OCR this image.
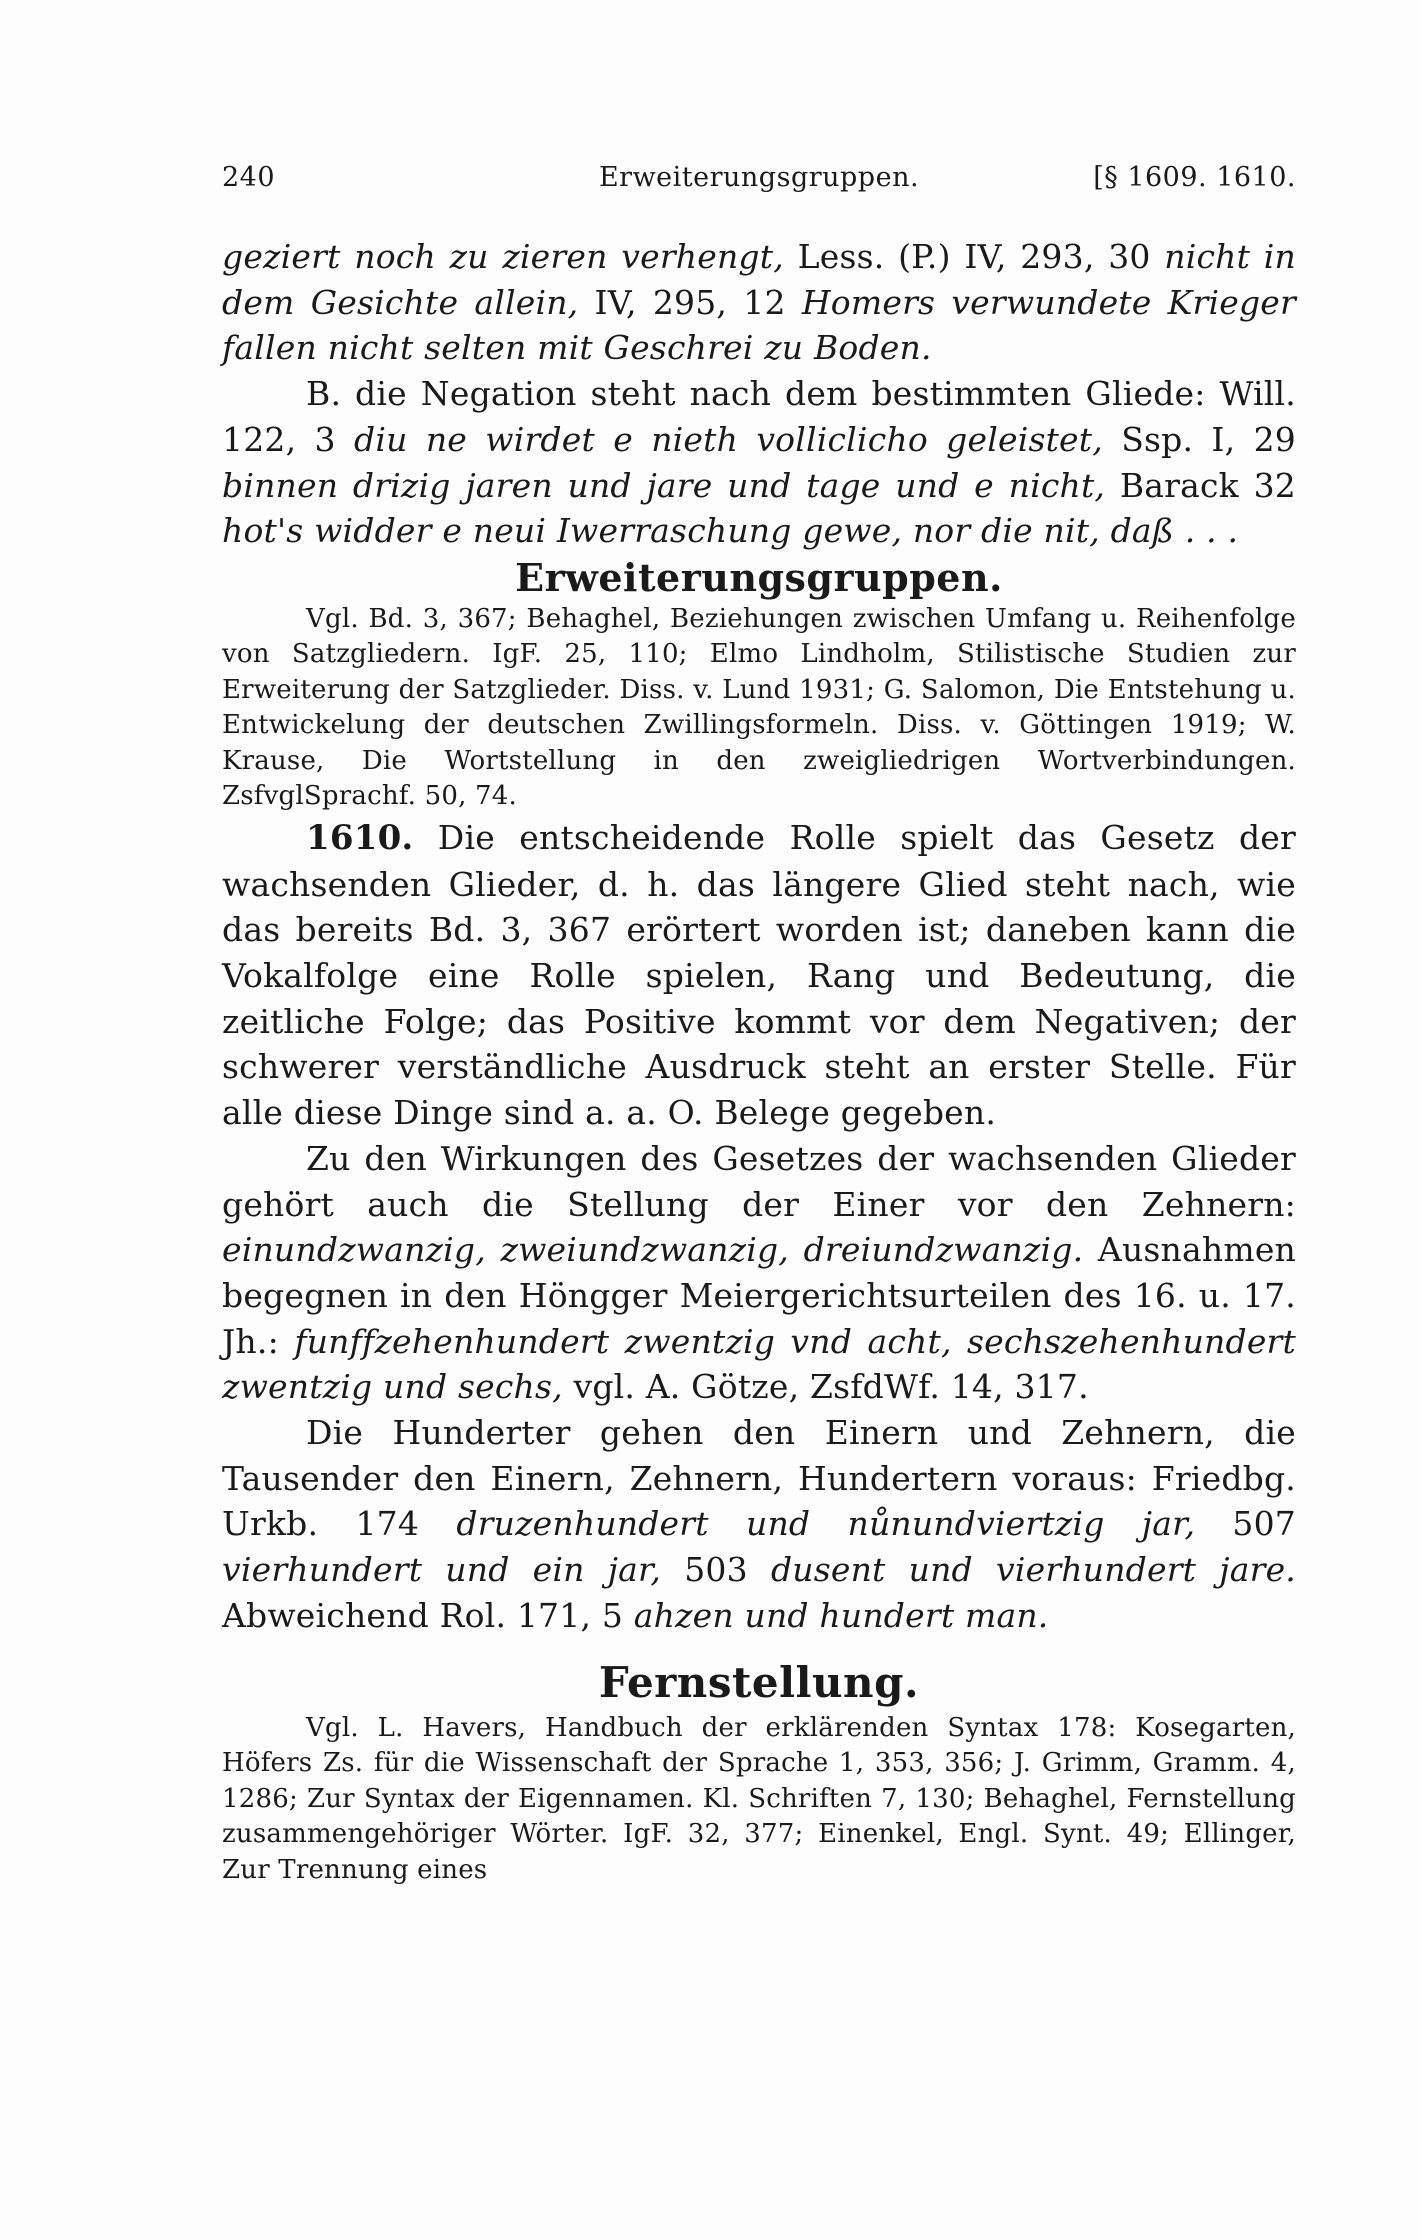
240	Erweiterungsgruppen.	[§ 1609. 1610.

geziert noch zu zieren verhengt, Less. (P.) IV, 293, 30 nicht in dem Gesichte allein, IV, 295, 12 Homers verwundete Krieger fallen nicht selten mit Geschrei zu Boden.

B. die Negation steht nach dem bestimmten Gliede: Will. 122, 3 diu ne wirdet e nieth volliclicho geleistet, Ssp. I, 29 binnen drizig jaren und jare und tage und e nicht, Barack 32 hot's widder e neui Iwerraschung gewe, nor die nit, daß . . .

Erweiterungsgruppen.

Vgl. Bd. 3, 367; Behaghel, Beziehungen zwischen Umfang u. Reihenfolge von Satzgliedern. IgF. 25, 110; Elmo Lindholm, Stilistische Studien zur Erweiterung der Satzglieder. Diss. v. Lund 1931; G. Salomon, Die Entstehung u. Entwickelung der deutschen Zwillingsformeln. Diss. v. Göttingen 1919; W. Krause, Die Wortstellung in den zweigliedrigen Wortverbindungen. ZsfvglSprachf. 50, 74.

1610. Die entscheidende Rolle spielt das Gesetz der wachsenden Glieder, d. h. das längere Glied steht nach, wie das bereits Bd. 3, 367 erörtert worden ist; daneben kann die Vokalfolge eine Rolle spielen, Rang und Bedeutung, die zeitliche Folge; das Positive kommt vor dem Negativen; der schwerer verständliche Ausdruck steht an erster Stelle. Für alle diese Dinge sind a. a. O. Belege gegeben.

Zu den Wirkungen des Gesetzes der wachsenden Glieder gehört auch die Stellung der Einer vor den Zehnern: einundzwanzig, zweiundzwanzig, dreiundzwanzig. Ausnahmen begegnen in den Höngger Meiergerichtsurteilen des 16. u. 17. Jh.: funffzehenhundert zwentzig vnd acht, sechszehenhundert zwentzig und sechs, vgl. A. Götze, ZsfdWf. 14, 317.

Die Hunderter gehen den Einern und Zehnern, die Tausender den Einern, Zehnern, Hundertern voraus: Friedbg. Urkb. 174 druzenhundert und nůnundviertzig jar, 507 vierhundert und ein jar, 503 dusent und vierhundert jare. Abweichend Rol. 171, 5 ahzen und hundert man.

Fernstellung.

Vgl. L. Havers, Handbuch der erklärenden Syntax 178: Kosegarten, Höfers Zs. für die Wissenschaft der Sprache 1, 353, 356; J. Grimm, Gramm. 4, 1286; Zur Syntax der Eigennamen. Kl. Schriften 7, 130; Behaghel, Fernstellung zusammengehöriger Wörter. IgF. 32, 377; Einenkel, Engl. Synt. 49; Ellinger, Zur Trennung eines
